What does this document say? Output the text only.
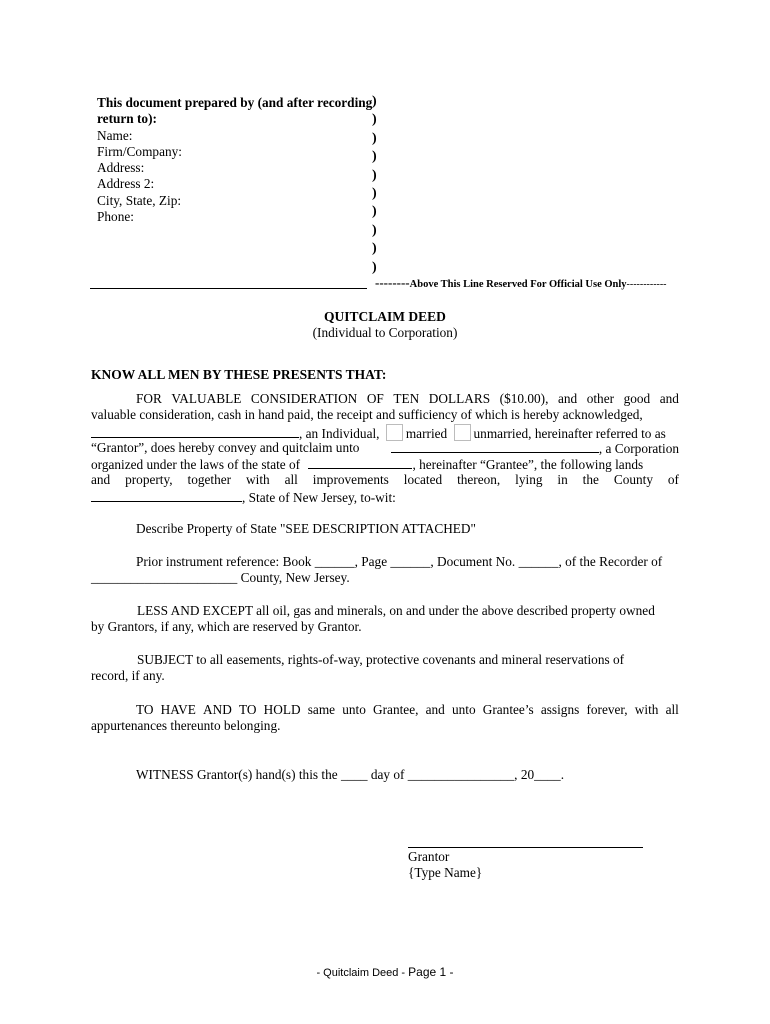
This document prepared by (and after recording
return to):
Name:
Firm/Company:
Address:
Address 2:
City, State, Zip:
Phone:
)
)
)
)
)
)
)
)
)
)
--------Above This Line Reserved For Official Use Only------------
QUITCLAIM DEED
(Individual to Corporation)
KNOW ALL MEN BY THESE PRESENTS THAT:
FOR VALUABLE CONSIDERATION OF TEN DOLLARS ($10.00), and other good and
valuable consideration, cash in hand paid, the receipt and sufficiency of which is hereby acknowledged,
, an Individual, married unmarried, hereinafter referred to as
“Grantor”, does hereby convey and quitclaim unto	, a Corporation
organized under the laws of the state of	, hereinafter “Grantee”, the following lands
and property, together with all improvements located thereon, lying in the County of
, State of New Jersey, to-wit:
Describe Property of State "SEE DESCRIPTION ATTACHED"
Prior instrument reference: Book ______, Page ______, Document No. ______, of the Recorder of
______________________ County, New Jersey.
LESS AND EXCEPT all oil, gas and minerals, on and under the above described property owned
by Grantors, if any, which are reserved by Grantor.
SUBJECT to all easements, rights-of-way, protective covenants and mineral reservations of
record, if any.
TO HAVE AND TO HOLD same unto Grantee, and unto Grantee’s assigns forever, with all
appurtenances thereunto belonging.
WITNESS Grantor(s) hand(s) this the ____ day of ________________, 20____.
Grantor
{Type Name}
- Quitclaim Deed - Page 1 -
